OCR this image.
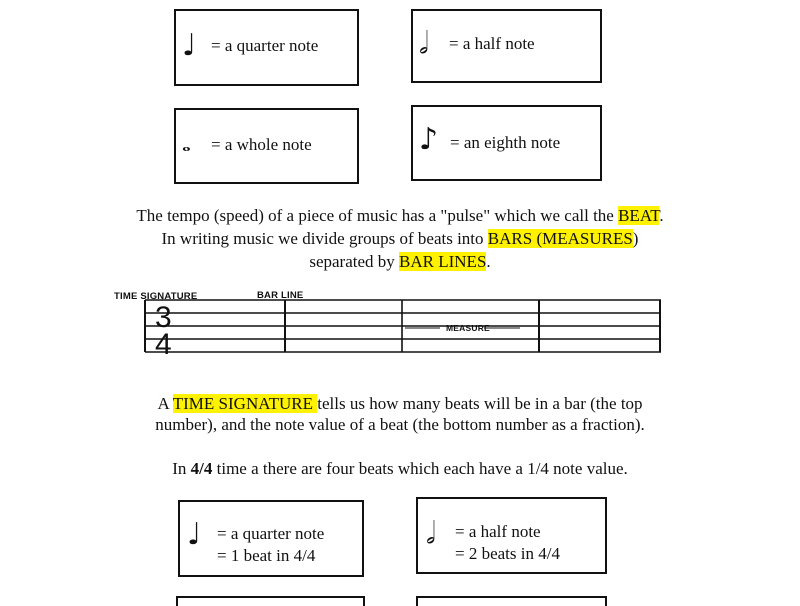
♩ = a quarter note	𝅗𝅥 = a half note
𝅝 = a whole note	♪ = an eighth note
The tempo (speed) of a piece of music has a "pulse" which we call the BEAT.
In writing music we divide groups of beats into BARS (MEASURES)
separated by BAR LINES.
TIME SIGNATURE	BAR LINE
3
4	MEASURE
A TIME SIGNATURE tells us how many beats will be in a bar (the top
number), and the note value of a beat (the bottom number as a fraction).
In 4/4 time a there are four beats which each have a 1/4 note value.
♩ = a quarter note
= 1 beat in 4/4
𝅗𝅥 = a half note
= 2 beats in 4/4
